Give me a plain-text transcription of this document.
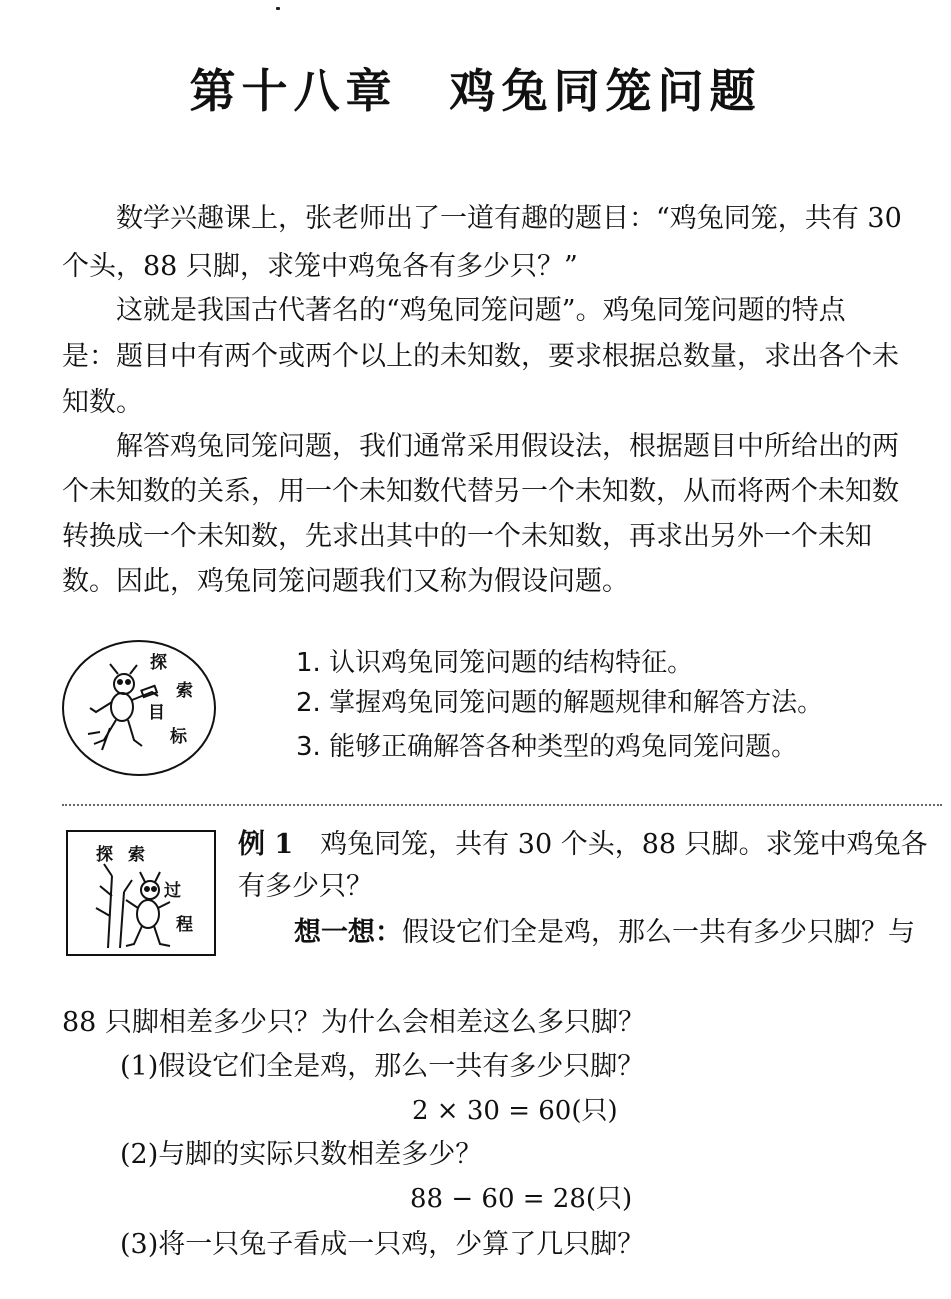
第十八章　鸡兔同笼问题
数学兴趣课上，张老师出了一道有趣的题目：“鸡兔同笼，共有 30
个头，88 只脚，求笼中鸡兔各有多少只？”
这就是我国古代著名的“鸡兔同笼问题”。鸡兔同笼问题的特点
是：题目中有两个或两个以上的未知数，要求根据总数量，求出各个未
知数。
解答鸡兔同笼问题，我们通常采用假设法，根据题目中所给出的两
个未知数的关系，用一个未知数代替另一个未知数，从而将两个未知数
转换成一个未知数，先求出其中的一个未知数，再求出另外一个未知
数。因此，鸡兔同笼问题我们又称为假设问题。
探
索
目
标
1. 认识鸡兔同笼问题的结构特征。
2. 掌握鸡兔同笼问题的解题规律和解答方法。
3. 能够正确解答各种类型的鸡兔同笼问题。
探 索
过
程
例 1　 鸡兔同笼，共有 30 个头，88 只脚。求笼中鸡兔各
有多少只？
想一想：假设它们全是鸡，那么一共有多少只脚？与
88 只脚相差多少只？为什么会相差这么多只脚？
(1)假设它们全是鸡，那么一共有多少只脚？
2 × 30 = 60(只)
(2)与脚的实际只数相差多少？
88 − 60 = 28(只)
(3)将一只兔子看成一只鸡，少算了几只脚？
